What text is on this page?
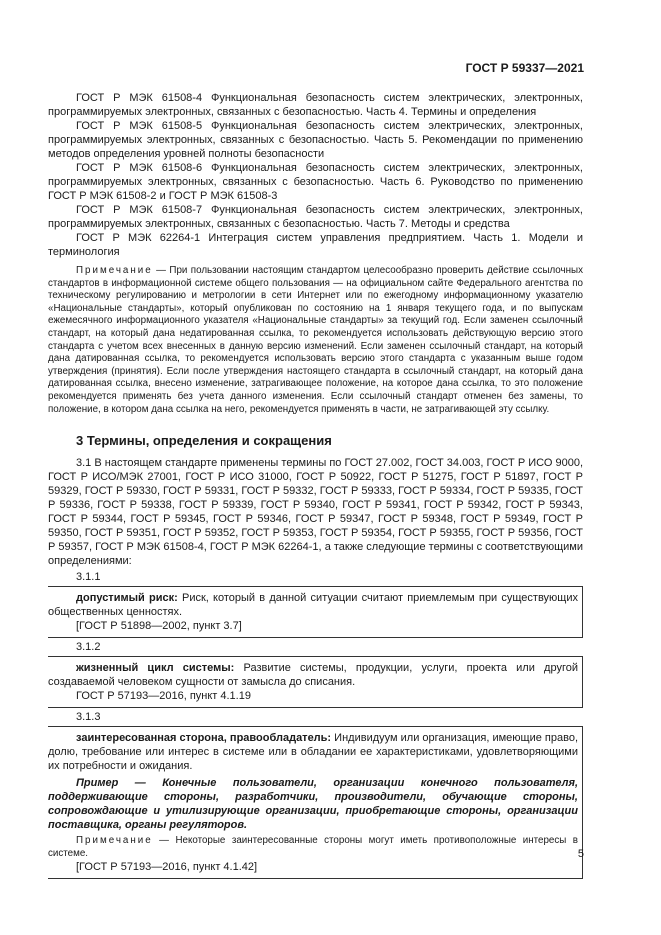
ГОСТ Р 59337—2021

ГОСТ Р МЭК 61508-4 Функциональная безопасность систем электрических, электронных, программируемых электронных, связанных с безопасностью. Часть 4. Термины и определения

ГОСТ Р МЭК 61508-5 Функциональная безопасность систем электрических, электронных, программируемых электронных, связанных с безопасностью. Часть 5. Рекомендации по применению методов определения уровней полноты безопасности

ГОСТ Р МЭК 61508-6 Функциональная безопасность систем электрических, электронных, программируемых электронных, связанных с безопасностью. Часть 6. Руководство по применению ГОСТ Р МЭК 61508-2 и ГОСТ Р МЭК 61508-3

ГОСТ Р МЭК 61508-7 Функциональная безопасность систем электрических, электронных, программируемых электронных, связанных с безопасностью. Часть 7. Методы и средства

ГОСТ Р МЭК 62264-1 Интеграция систем управления предприятием. Часть 1. Модели и терминология

Примечание — При пользовании настоящим стандартом целесообразно проверить действие ссылочных стандартов в информационной системе общего пользования — на официальном сайте Федерального агентства по техническому регулированию и метрологии в сети Интернет или по ежегодному информационному указателю «Национальные стандарты», который опубликован по состоянию на 1 января текущего года, и по выпускам ежемесячного информационного указателя «Национальные стандарты» за текущий год. Если заменен ссылочный стандарт, на который дана недатированная ссылка, то рекомендуется использовать действующую версию этого стандарта с учетом всех внесенных в данную версию изменений. Если заменен ссылочный стандарт, на который дана датированная ссылка, то рекомендуется использовать версию этого стандарта с указанным выше годом утверждения (принятия). Если после утверждения настоящего стандарта в ссылочный стандарт, на который дана датированная ссылка, внесено изменение, затрагивающее положение, на которое дана ссылка, то это положение рекомендуется применять без учета данного изменения. Если ссылочный стандарт отменен без замены, то положение, в котором дана ссылка на него, рекомендуется применять в части, не затрагивающей эту ссылку.

3 Термины, определения и сокращения

3.1 В настоящем стандарте применены термины по ГОСТ 27.002, ГОСТ 34.003, ГОСТ Р ИСО 9000, ГОСТ Р ИСО/МЭК 27001, ГОСТ Р ИСО 31000, ГОСТ Р 50922, ГОСТ Р 51275, ГОСТ Р 51897, ГОСТ Р 59329, ГОСТ Р 59330, ГОСТ Р 59331, ГОСТ Р 59332, ГОСТ Р 59333, ГОСТ Р 59334, ГОСТ Р 59335, ГОСТ Р 59336, ГОСТ Р 59338, ГОСТ Р 59339, ГОСТ Р 59340, ГОСТ Р 59341, ГОСТ Р 59342, ГОСТ Р 59343, ГОСТ Р 59344, ГОСТ Р 59345, ГОСТ Р 59346, ГОСТ Р 59347, ГОСТ Р 59348, ГОСТ Р 59349, ГОСТ Р 59350, ГОСТ Р 59351, ГОСТ Р 59352, ГОСТ Р 59353, ГОСТ Р 59354, ГОСТ Р 59355, ГОСТ Р 59356, ГОСТ Р 59357, ГОСТ Р МЭК 61508-4, ГОСТ Р МЭК 62264-1, а также следующие термины с соответствующими определениями:

3.1.1

допустимый риск: Риск, который в данной ситуации считают приемлемым при существующих общественных ценностях.

[ГОСТ Р 51898—2002, пункт 3.7]

3.1.2

жизненный цикл системы: Развитие системы, продукции, услуги, проекта или другой создаваемой человеком сущности от замысла до списания.

ГОСТ Р 57193—2016, пункт 4.1.19

3.1.3

заинтересованная сторона, правообладатель: Индивидуум или организация, имеющие право, долю, требование или интерес в системе или в обладании ее характеристиками, удовлетворяющими их потребности и ожидания.

Пример — Конечные пользователи, организации конечного пользователя, поддерживающие стороны, разработчики, производители, обучающие стороны, сопровождающие и утилизирующие организации, приобретающие стороны, организации поставщика, органы регуляторов.

Примечание — Некоторые заинтересованные стороны могут иметь противоположные интересы в системе.

[ГОСТ Р 57193—2016, пункт 4.1.42]

5
